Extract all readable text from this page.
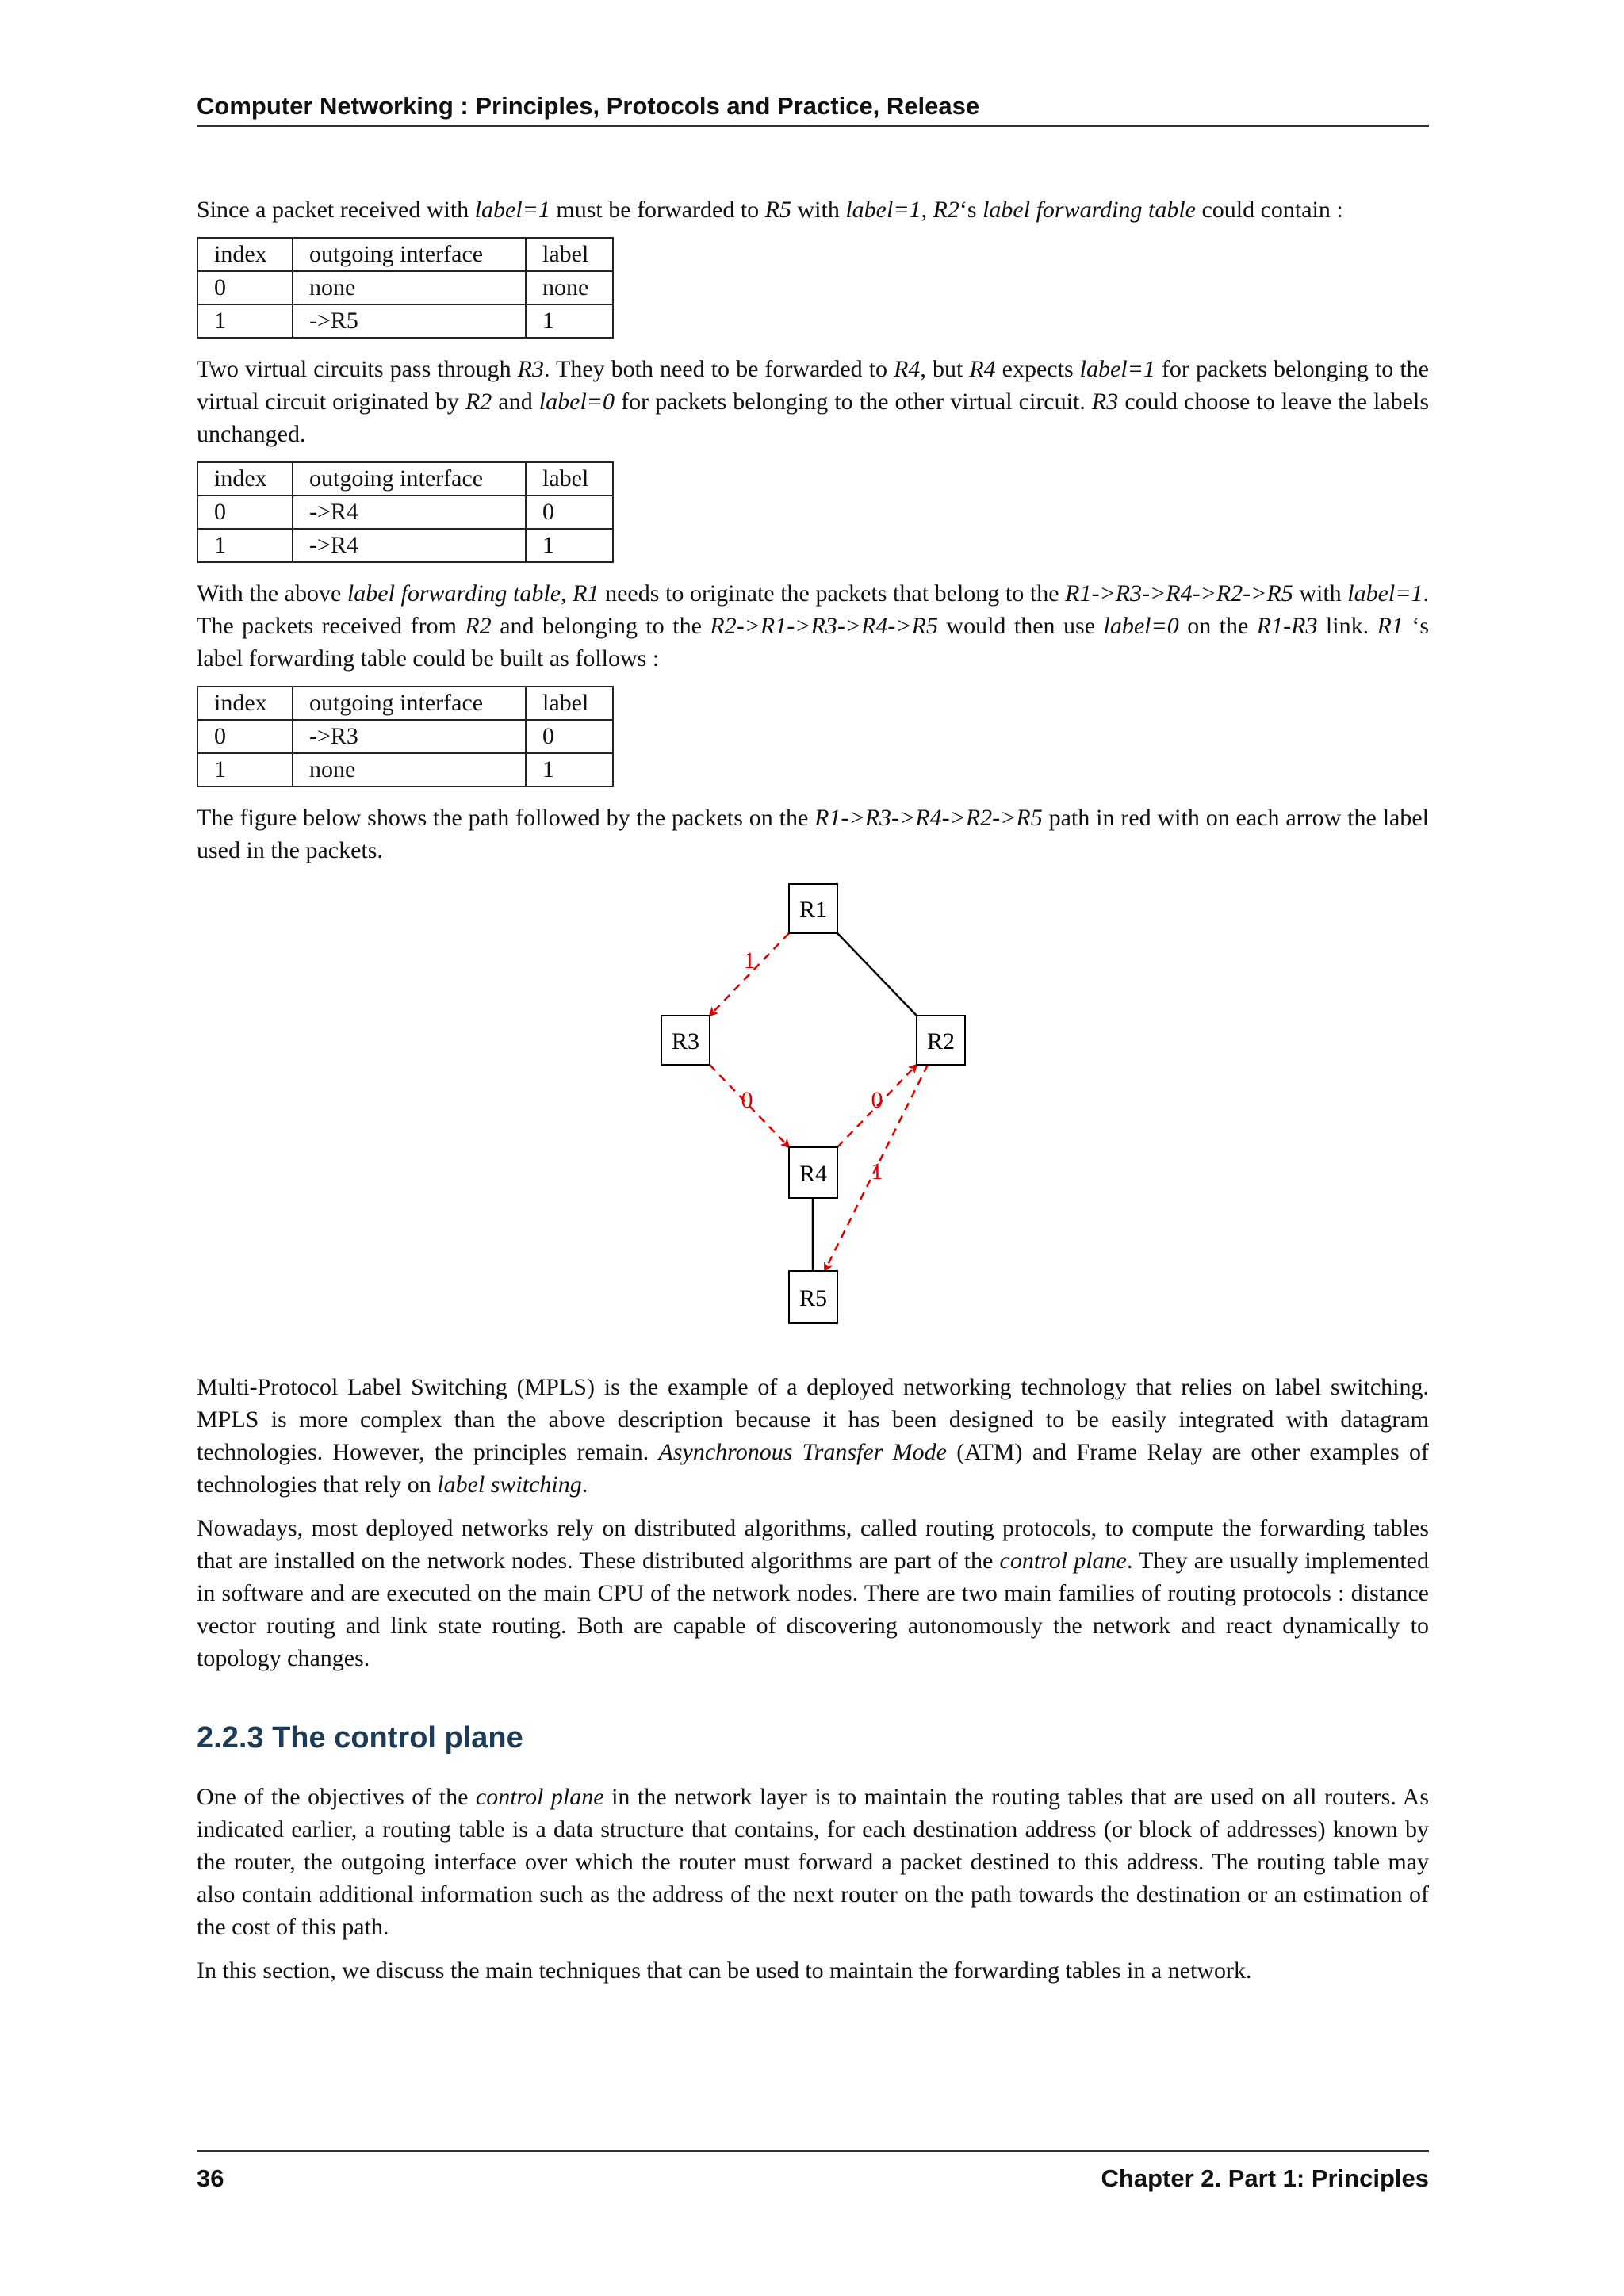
Computer Networking : Principles, Protocols and Practice, Release

Since a packet received with label=1 must be forwarded to R5 with label=1, R2‘s label forwarding table could contain :

index	outgoing interface	label
0	none	none
1	->R5	1

Two virtual circuits pass through R3. They both need to be forwarded to R4, but R4 expects label=1 for packets belonging to the virtual circuit originated by R2 and label=0 for packets belonging to the other virtual circuit. R3 could choose to leave the labels unchanged.

index	outgoing interface	label
0	->R4	0
1	->R4	1

With the above label forwarding table, R1 needs to originate the packets that belong to the R1->R3->R4->R2->R5 with label=1. The packets received from R2 and belonging to the R2->R1->R3->R4->R5 would then use label=0 on the R1-R3 link. R1 ‘s label forwarding table could be built as follows :

index	outgoing interface	label
0	->R3	0
1	none	1

The figure below shows the path followed by the packets on the R1->R3->R4->R2->R5 path in red with on each arrow the label used in the packets.

1
0	0
1
R1
R3	R2
R4
R5

Multi-Protocol Label Switching (MPLS) is the example of a deployed networking technology that relies on label switching. MPLS is more complex than the above description because it has been designed to be easily integrated with datagram technologies. However, the principles remain. Asynchronous Transfer Mode (ATM) and Frame Relay are other examples of technologies that rely on label switching.

Nowadays, most deployed networks rely on distributed algorithms, called routing protocols, to compute the forwarding tables that are installed on the network nodes. These distributed algorithms are part of the control plane. They are usually implemented in software and are executed on the main CPU of the network nodes. There are two main families of routing protocols : distance vector routing and link state routing. Both are capable of discovering autonomously the network and react dynamically to topology changes.

2.2.3 The control plane

One of the objectives of the control plane in the network layer is to maintain the routing tables that are used on all routers. As indicated earlier, a routing table is a data structure that contains, for each destination address (or block of addresses) known by the router, the outgoing interface over which the router must forward a packet destined to this address. The routing table may also contain additional information such as the address of the next router on the path towards the destination or an estimation of the cost of this path.

In this section, we discuss the main techniques that can be used to maintain the forwarding tables in a network.

36	Chapter 2. Part 1: Principles
